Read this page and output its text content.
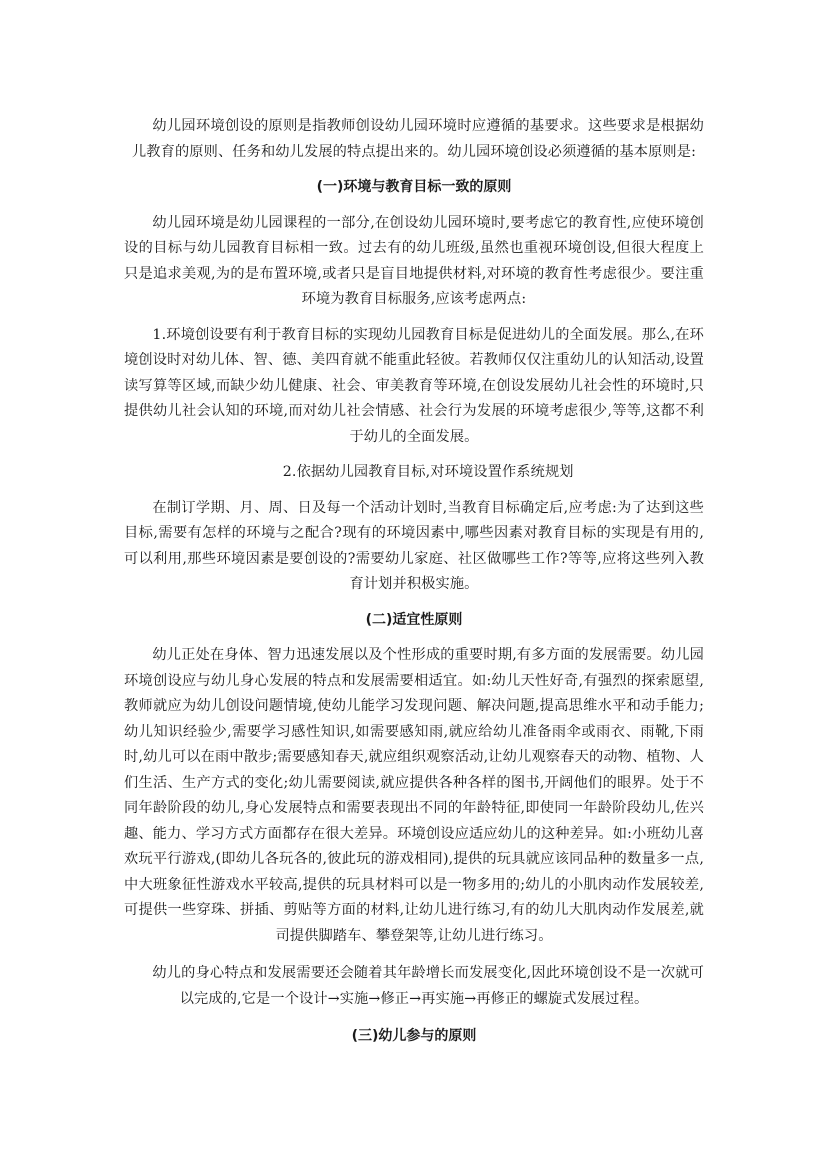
幼儿园环境创设的原则是指教师创设幼儿园环境时应遵循的基要求。这些要求是根据幼儿教育的原则、任务和幼儿发展的特点提出来的。幼儿园环境创设必须遵循的基本原则是:

(一)环境与教育目标一致的原则

幼儿园环境是幼儿园课程的一部分,在创设幼儿园环境时,要考虑它的教育性,应使环境创设的目标与幼儿园教育目标相一致。过去有的幼儿班级,虽然也重视环境创设,但很大程度上只是追求美观,为的是布置环境,或者只是盲目地提供材料,对环境的教育性考虑很少。要注重环境为教育目标服务,应该考虑两点:

1.环境创设要有利于教育目标的实现幼儿园教育目标是促进幼儿的全面发展。那么,在环境创设时对幼儿体、智、德、美四育就不能重此轻彼。若教师仅仅注重幼儿的认知活动,设置读写算等区域,而缺少幼儿健康、社会、审美教育等环境,在创设发展幼儿社会性的环境时,只提供幼儿社会认知的环境,而对幼儿社会情感、社会行为发展的环境考虑很少,等等,这都不利于幼儿的全面发展。

2.依据幼儿园教育目标,对环境设置作系统规划

在制订学期、月、周、日及每一个活动计划时,当教育目标确定后,应考虑:为了达到这些目标,需要有怎样的环境与之配合?现有的环境因素中,哪些因素对教育目标的实现是有用的,可以利用,那些环境因素是要创设的?需要幼儿家庭、社区做哪些工作?等等,应将这些列入教育计划并积极实施。

(二)适宜性原则

幼儿正处在身体、智力迅速发展以及个性形成的重要时期,有多方面的发展需要。幼儿园环境创设应与幼儿身心发展的特点和发展需要相适宜。如:幼儿天性好奇,有强烈的探索愿望,教师就应为幼儿创设问题情境,使幼儿能学习发现问题、解决问题,提高思维水平和动手能力;幼儿知识经验少,需要学习感性知识,如需要感知雨,就应给幼儿准备雨伞或雨衣、雨靴,下雨时,幼儿可以在雨中散步;需要感知春天,就应组织观察活动,让幼儿观察春天的动物、植物、人们生活、生产方式的变化;幼儿需要阅读,就应提供各种各样的图书,开阔他们的眼界。处于不同年龄阶段的幼儿,身心发展特点和需要表现出不同的年龄特征,即使同一年龄阶段幼儿,佐兴趣、能力、学习方式方面都存在很大差异。环境创设应适应幼儿的这种差异。如:小班幼儿喜欢玩平行游戏,(即幼儿各玩各的,彼此玩的游戏相同),提供的玩具就应该同品种的数量多一点,中大班象征性游戏水平较高,提供的玩具材料可以是一物多用的;幼儿的小肌肉动作发展较差,可提供一些穿珠、拼插、剪贴等方面的材料,让幼儿进行练习,有的幼儿大肌肉动作发展差,就司提供脚踏车、攀登架等,让幼儿进行练习。

幼儿的身心特点和发展需要还会随着其年龄增长而发展变化,因此环境创设不是一次就可以完成的,它是一个设计→实施→修正→再实施→再修正的螺旋式发展过程。

(三)幼儿参与的原则
